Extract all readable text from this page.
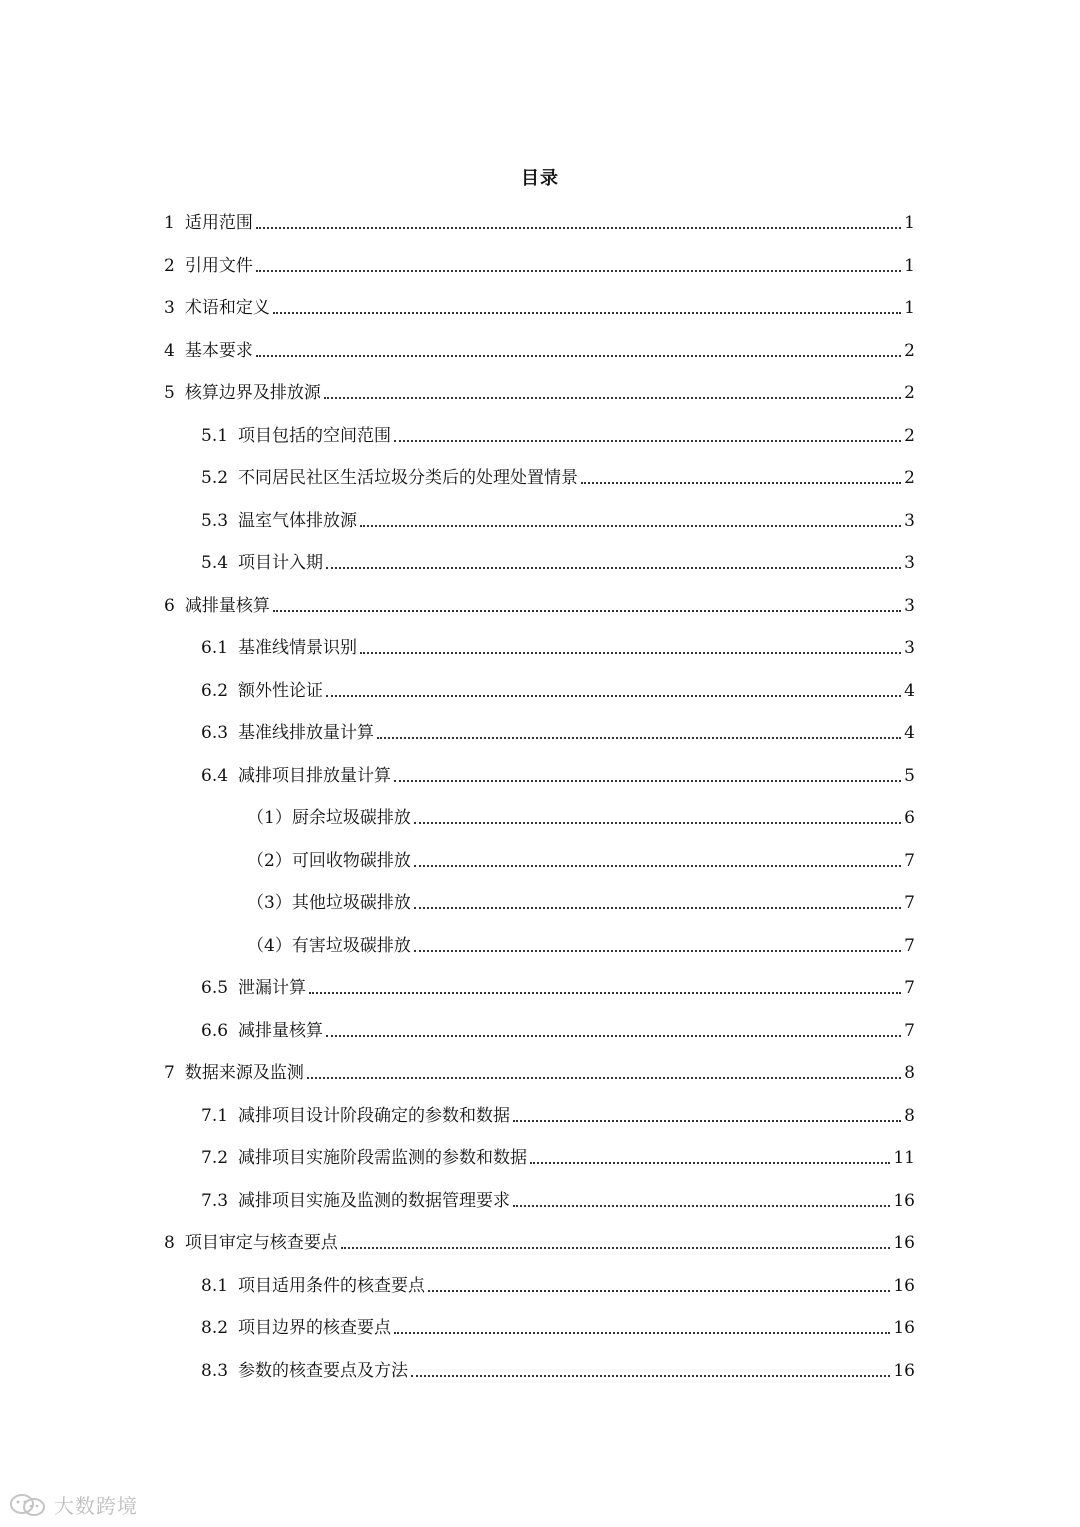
目录
1 适用范围	1
2 引用文件	1
3 术语和定义	1
4 基本要求	2
5 核算边界及排放源	2
5.1 项目包括的空间范围	2
5.2 不同居民社区生活垃圾分类后的处理处置情景	2
5.3 温室气体排放源	3
5.4 项目计入期	3
6 减排量核算	3
6.1 基准线情景识别	3
6.2 额外性论证	4
6.3 基准线排放量计算	4
6.4 减排项目排放量计算	5
（1） 厨余垃圾碳排放	6
（2） 可回收物碳排放	7
（3） 其他垃圾碳排放	7
（4） 有害垃圾碳排放	7
6.5 泄漏计算	7
6.6 减排量核算	7
7 数据来源及监测	8
7.1 减排项目设计阶段确定的参数和数据	8
7.2 减排项目实施阶段需监测的参数和数据	11
7.3 减排项目实施及监测的数据管理要求	16
8 项目审定与核查要点	16
8.1 项目适用条件的核查要点	16
8.2 项目边界的核查要点	16
8.3 参数的核查要点及方法	16
大数跨境
